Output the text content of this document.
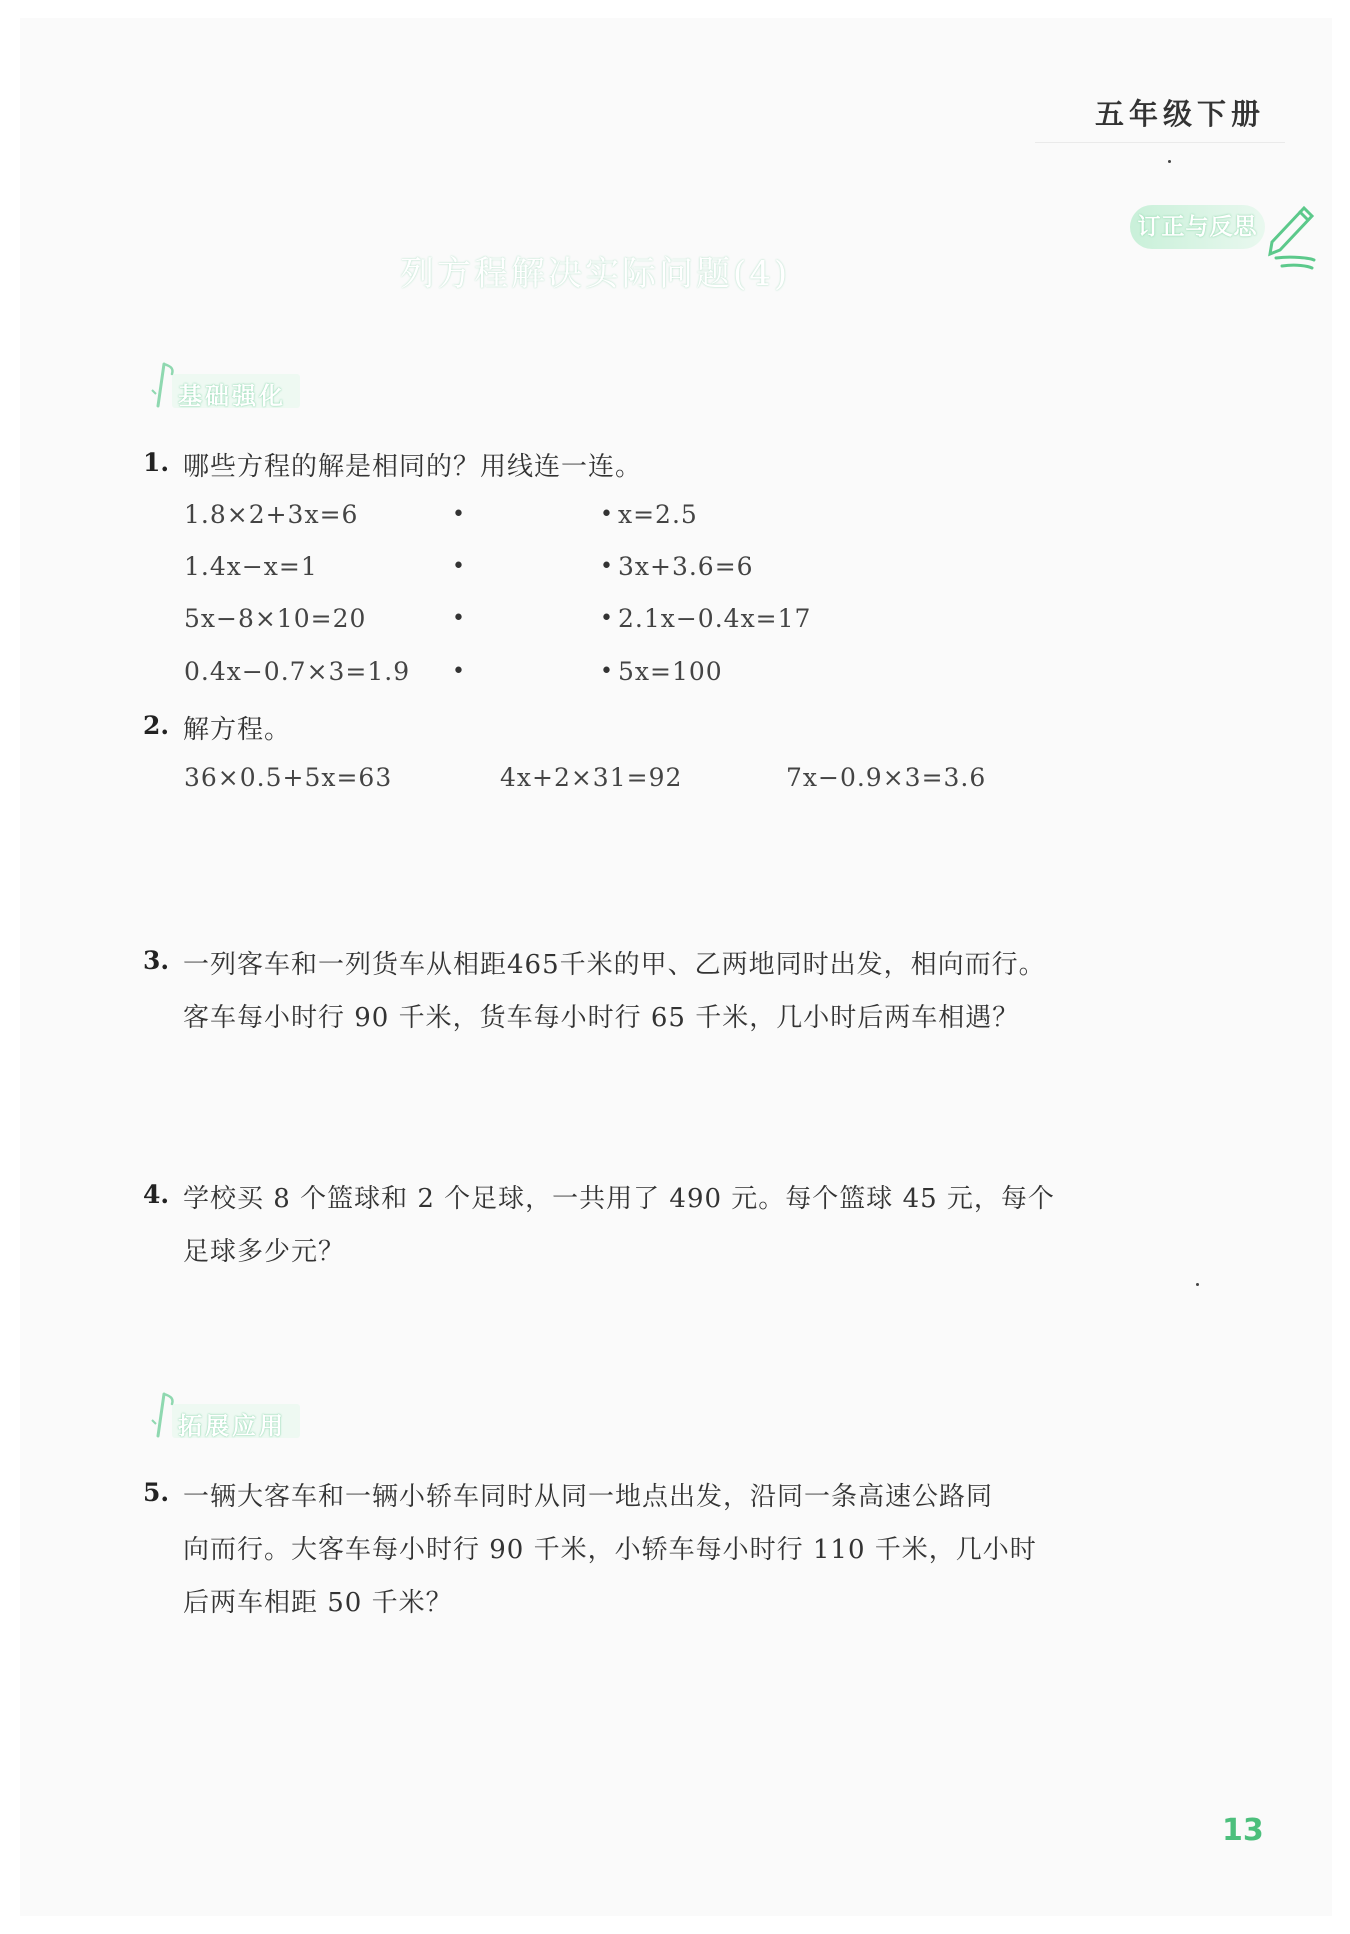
五年级下册
订正与反思
列方程解决实际问题(4)
基础强化
1. 哪些方程的解是相同的？用线连一连。
1.8×2+3x=6
1.4x−x=1
5x−8×10=20
0.4x−0.7×3=1.9
•
•
•
•
•
•
•
•
x=2.5
3x+3.6=6
2.1x−0.4x=17
5x=100
2. 解方程。
36×0.5+5x=63	4x+2×31=92	7x−0.9×3=3.6
3. 一列客车和一列货车从相距465千米的甲、乙两地同时出发，相向而行。
客车每小时行 90 千米，货车每小时行 65 千米，几小时后两车相遇？
4. 学校买 8 个篮球和 2 个足球，一共用了 490 元。每个篮球 45 元，每个
足球多少元？
拓展应用
5. 一辆大客车和一辆小轿车同时从同一地点出发，沿同一条高速公路同
向而行。大客车每小时行 90 千米，小轿车每小时行 110 千米，几小时
后两车相距 50 千米？
13
